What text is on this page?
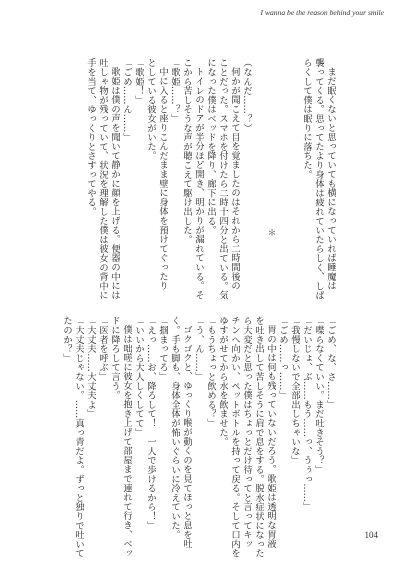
I wanna be the reason behind your smile

まだ眠くないと思っていても横になっていれば睡魔は

襲ってくる。思ってたより身体は疲れていたらしく、しば

らくして僕は眠りに落ちた。

＊

（なんだ……？）

何かが聞こえて目を覚ましたのはそれから二時間後の

ことだった。スマホを付けたら二時十四分と出ている。気

になった僕はベッドを降り、廊下に出る。

トイレのドアが半分ほど開き、明かりが漏れている。そ

こから苦しそうな声が聴こえて駆け出した。

「歌姫……？」

中に入ると座りこんだまま壁に身体を預けてぐったり

としている彼女がいた。

「歌姫！」

「ごめ……ん……」

歌姫は僕の声を聞いて静かに顔を上げる。便器の中には

吐しゃ物が残っていて、状況を理解した僕は彼女の背中に

手を当て、ゆっくりとさすってやる。

「ごめ、な、さ……」

「喋らなくていい。まだ吐きそう？」

「だいじょ、ぶ……もう……っ、うぅっ……」

「我慢しないで全部出しちゃいな」

「ごめ……っ……」

胃の中は何も残っていないだろう。歌姫は透明な胃液

を吐き出して苦しそうに肩で息をする。脱水症状になった

ら大変だと思った僕はちょっとだけ待ってと言ってキッ

チンへ向かい、ペットボトルを持って戻る。そして口内を

ゆすがせてから水を飲ませた。

「もうちょっと飲める？」

「う、ん……」

ゴクゴクと、ゆっくり喉が動くのを見てほっと息を吐

く。手も脚も、身体全体が怖いぐらいに冷えていた。

「掴まってろ」

「えっ……お、降ろして！　一人で歩けるから！」

「いいから大人しくしてて」

僕は咄嗟に彼女を抱き上げて部屋まで連れて行き、ベッ

ドに降ろして言う。

「医者を呼ぶ」

「大丈夫……大丈夫よ」

「大丈夫じゃない。……真っ青だよ。ずっと独りで吐いて

たのか？」

104
